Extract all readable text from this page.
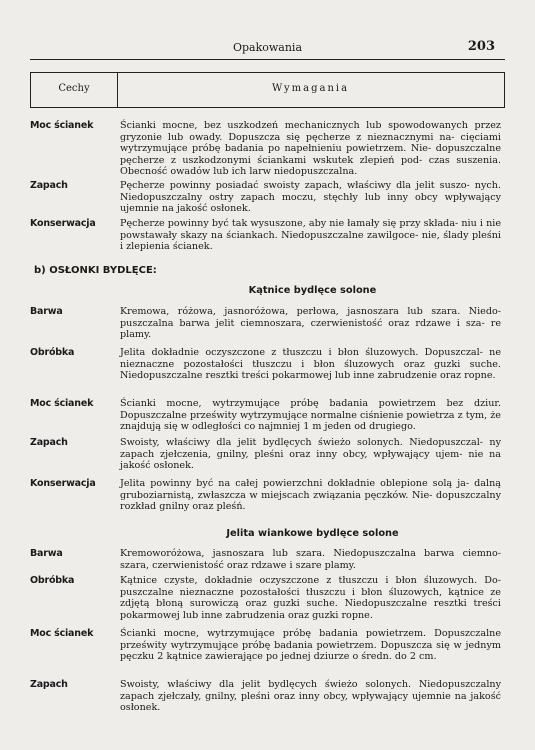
Opakowania	203
Cechy	Wymagania
Moc ścianek	Ścianki mocne, bez uszkodzeń mechanicznych lub spowodowanych przez gryzonie lub owady. Dopuszcza się pęcherze z nieznacznymi na- cięciami wytrzymujące próbę badania po napełnieniu powietrzem. Nie- dopuszczalne pęcherze z uszkodzonymi ściankami wskutek zlepień pod- czas suszenia. Obecność owadów lub ich larw niedopuszczalna.
Zapach	Pęcherze powinny posiadać swoisty zapach, właściwy dla jelit suszo- nych. Niedopuszczalny ostry zapach moczu, stęchły lub inny obcy wpływający ujemnie na jakość osłonek.
Konserwacja	Pęcherze powinny być tak wysuszone, aby nie łamały się przy składa- niu i nie powstawały skazy na ściankach. Niedopuszczalne zawilgoce- nie, ślady pleśni i zlepienia ścianek.
b) OSŁONKI BYDLĘCE:
Kątnice bydlęce solone
Barwa	Kremowa, różowa, jasnoróżowa, perłowa, jasnoszara lub szara. Niedo- puszczalna barwa jelit ciemnoszara, czerwienistość oraz rdzawe i sza- re plamy.
Obróbka	Jelita dokładnie oczyszczone z tłuszczu i błon śluzowych. Dopuszczal- ne nieznaczne pozostałości tłuszczu i błon śluzowych oraz guzki suche. Niedopuszczalne resztki treści pokarmowej lub inne zabrudzenie oraz ropne.
Moc ścianek	Ścianki mocne, wytrzymujące próbę badania powietrzem bez dziur. Dopuszczalne prześwity wytrzymujące normalne ciśnienie powietrza z tym, że znajdują się w odległości co najmniej 1 m jeden od drugiego.
Zapach	Swoisty, właściwy dla jelit bydlęcych świeżo solonych. Niedopuszczal- ny zapach zjełczenia, gnilny, pleśni oraz inny obcy, wpływający ujem- nie na jakość osłonek.
Konserwacja	Jelita powinny być na całej powierzchni dokładnie oblepione solą ja- dalną gruboziarnistą, zwłaszcza w miejscach związania pęczków. Nie- dopuszczalny rozkład gnilny oraz pleśń.
Jelita wiankowe bydlęce solone
Barwa	Kremoworóżowa, jasnoszara lub szara. Niedopuszczalna barwa ciemno- szara, czerwienistość oraz rdzawe i szare plamy.
Obróbka	Kątnice czyste, dokładnie oczyszczone z tłuszczu i błon śluzowych. Do- puszczalne nieznaczne pozostałości tłuszczu i błon śluzowych, kątnice ze zdjętą błoną surowiczą oraz guzki suche. Niedopuszczalne resztki treści pokarmowej lub inne zabrudzenia oraz guzki ropne.
Moc ścianek	Ścianki mocne, wytrzymujące próbę badania powietrzem. Dopuszczalne prześwity wytrzymujące próbę badania powietrzem. Dopuszcza się w jednym pęczku 2 kątnice zawierające po jednej dziurze o średn. do 2 cm.
Zapach	Swoisty, właściwy dla jelit bydlęcych świeżo solonych. Niedopuszczalny zapach zjełczały, gnilny, pleśni oraz inny obcy, wpływający ujemnie na jakość osłonek.
